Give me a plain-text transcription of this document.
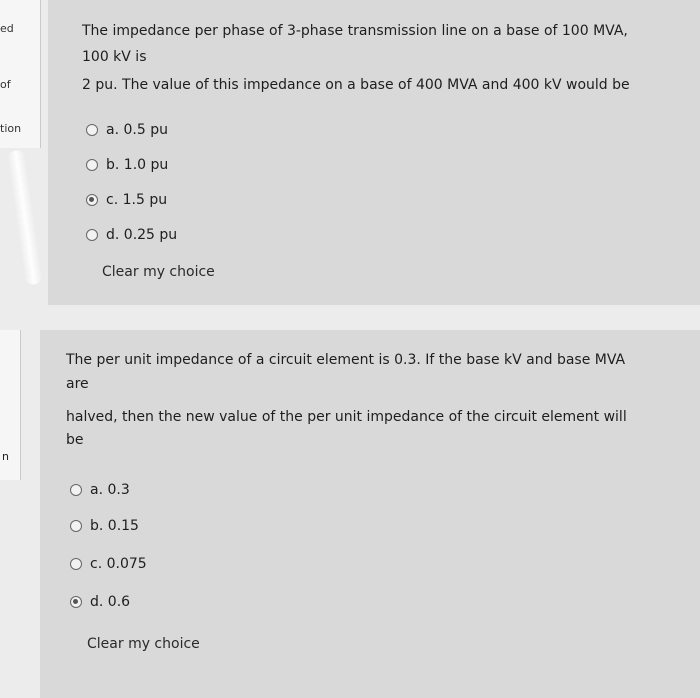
ed
of
tion
n
The impedance per phase of 3-phase transmission line on a base of 100 MVA,
100 kV is
2 pu. The value of this impedance on a base of 400 MVA and 400 kV would be
a. 0.5 pu
b. 1.0 pu
c. 1.5 pu
d. 0.25 pu
Clear my choice
The per unit impedance of a circuit element is 0.3. If the base kV and base MVA
are
halved, then the new value of the per unit impedance of the circuit element will
be
a. 0.3
b. 0.15
c. 0.075
d. 0.6
Clear my choice
